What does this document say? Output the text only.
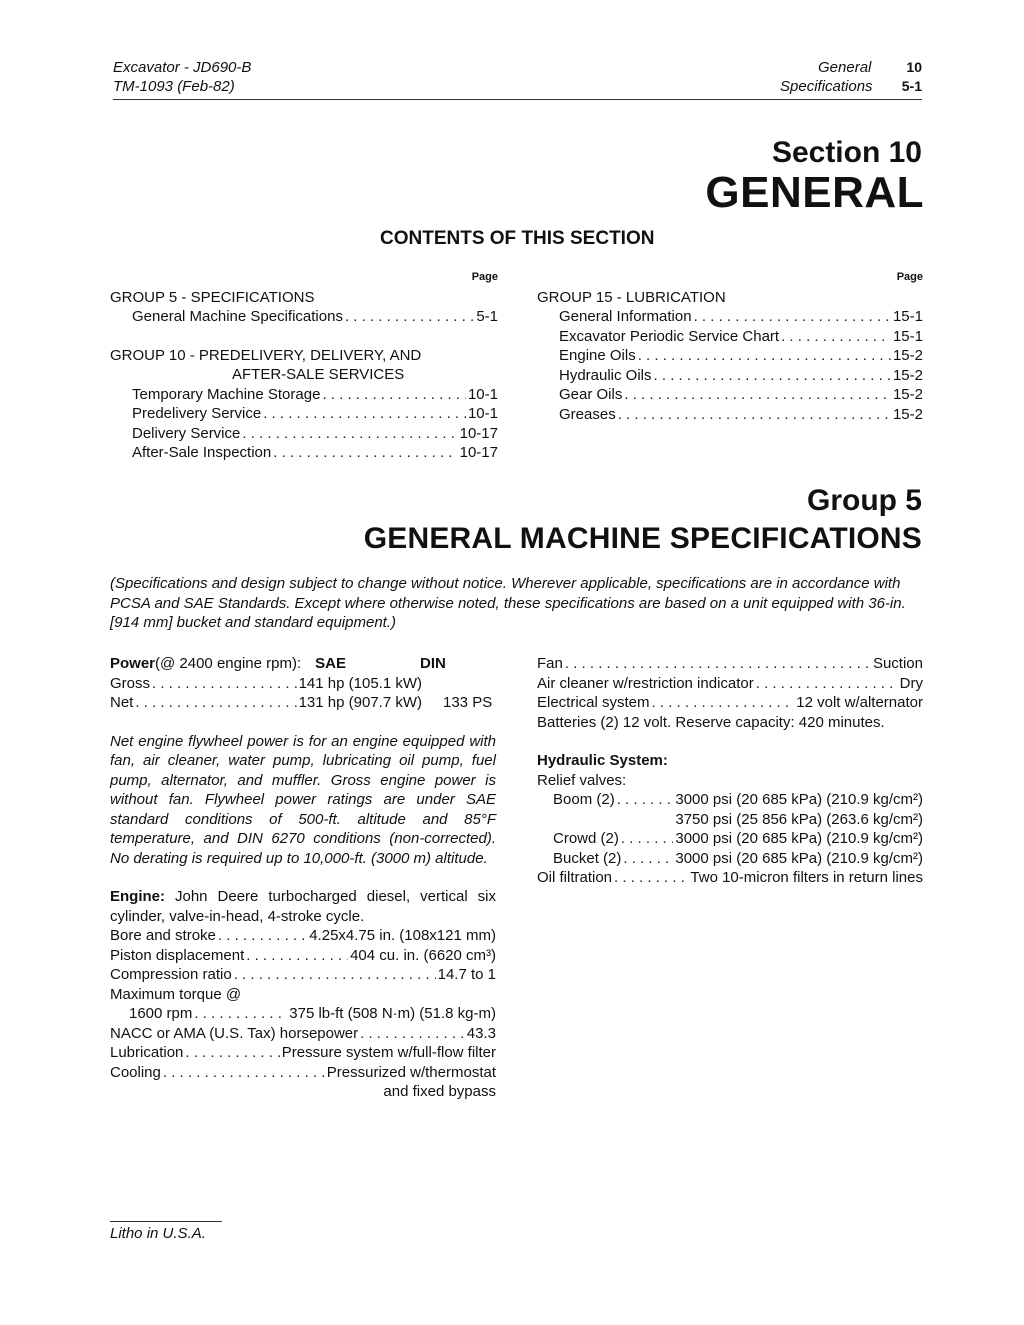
Excavator - JD690-B
TM-1093 (Feb-82)
General	10
Specifications 5-1
Section 10
GENERAL
CONTENTS OF THIS SECTION
Page
GROUP 5 - SPECIFICATIONS
General Machine Specifications . . .	5-1
GROUP 10 - PREDELIVERY, DELIVERY, AND
AFTER-SALE SERVICES
Temporary Machine Storage . . .	10-1
Predelivery Service . . .	10-1
Delivery Service . . .	10-17
After-Sale Inspection . . .	10-17
Page
GROUP 15 - LUBRICATION
General Information . . .	15-1
Excavator Periodic Service Chart . . .	15-1
Engine Oils . . .	15-2
Hydraulic Oils . . .	15-2
Gear Oils . . .	15-2
Greases . . .	15-2
Group 5
GENERAL MACHINE SPECIFICATIONS
(Specifications and design subject to change without notice. Wherever applicable, specifications are in accordance with PCSA and SAE Standards. Except where otherwise noted, these specifications are based on a unit equipped with 36-in. [914 mm] bucket and standard equipment.)
Power (@ 2400 engine rpm): SAE	DIN
Gross . . .	141 hp (105.1 kW)
Net . . .	131 hp (907.7 kW) 133 PS
Net engine flywheel power is for an engine equipped with fan, air cleaner, water pump, lubricating oil pump, fuel pump, alternator, and muffler. Gross engine power is without fan. Flywheel power ratings are under SAE standard conditions of 500-ft. altitude and 85°F temperature, and DIN 6270 conditions (non-corrected). No derating is required up to 10,000-ft. (3000 m) altitude.
Engine: John Deere turbocharged diesel, vertical six cylinder, valve-in-head, 4-stroke cycle.
Bore and stroke . . .	4.25x4.75 in. (108x121 mm)
Piston displacement . . .	404 cu. in. (6620 cm³)
Compression ratio . . .	14.7 to 1
Maximum torque @
1600 rpm . . .	375 lb-ft (508 N·m) (51.8 kg-m)
NACC or AMA (U.S. Tax) horsepower . . .	43.3
Lubrication . . .	Pressure system w/full-flow filter
Cooling . . .	Pressurized w/thermostat
and fixed bypass
Fan . . .	Suction
Air cleaner w/restriction indicator . . .	Dry
Electrical system . . .	12 volt w/alternator
Batteries (2) 12 volt. Reserve capacity: 420 minutes.
Hydraulic System:
Relief valves:
Boom (2) . . .	3000 psi (20 685 kPa) (210.9 kg/cm²)
3750 psi (25 856 kPa) (263.6 kg/cm²)
Crowd (2) . . .	3000 psi (20 685 kPa) (210.9 kg/cm²)
Bucket (2) . . .	3000 psi (20 685 kPa) (210.9 kg/cm²)
Oil filtration . . .	Two 10-micron filters in return lines
Litho in U.S.A.
